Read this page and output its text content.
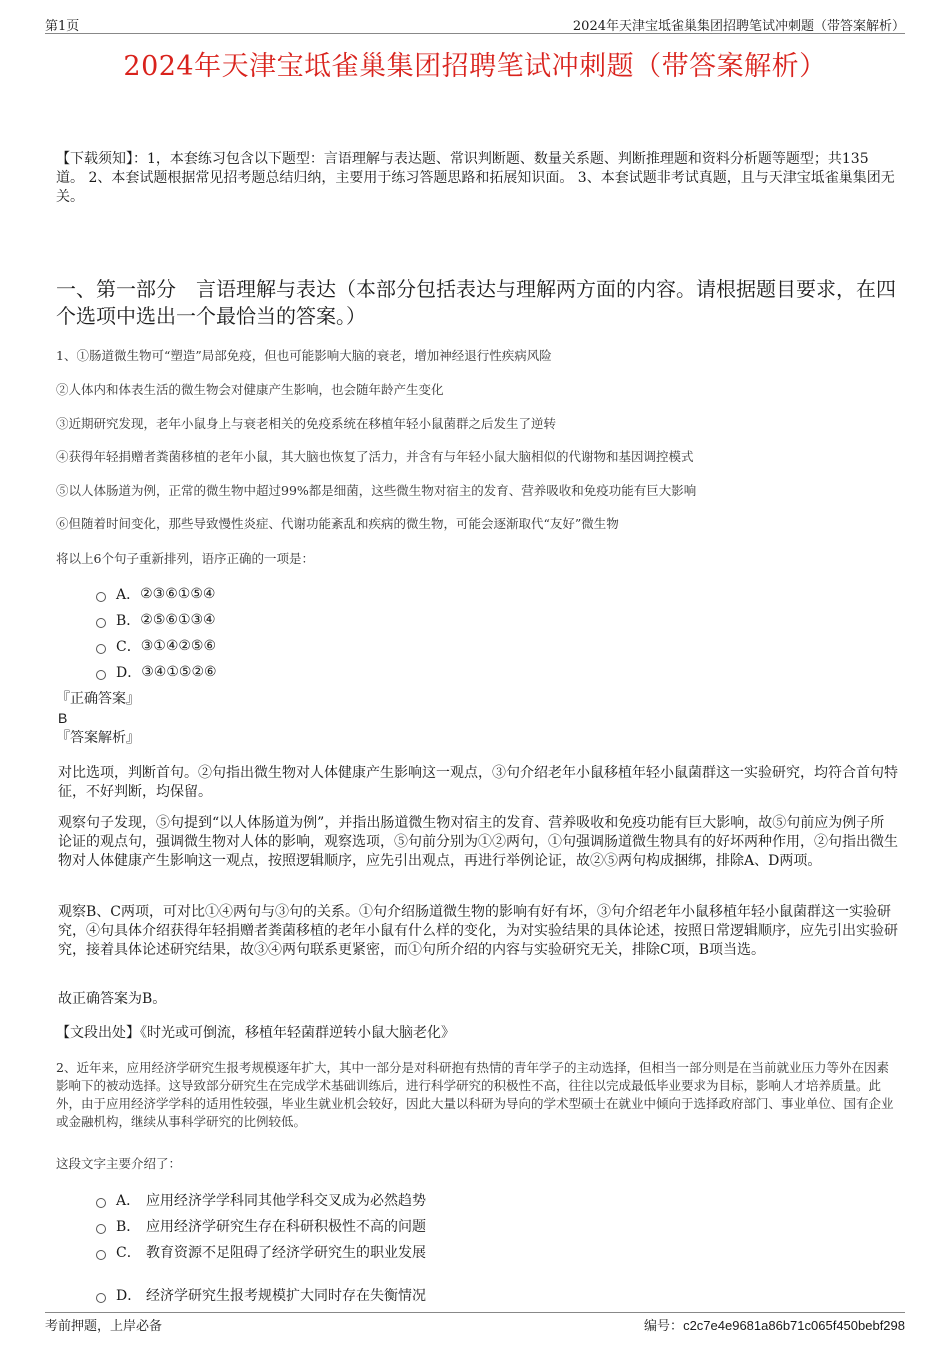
第1页	2024年天津宝坻雀巢集团招聘笔试冲刺题（带答案解析）
2024年天津宝坻雀巢集团招聘笔试冲刺题（带答案解析）
【下载须知】：1，本套练习包含以下题型：言语理解与表达题、常识判断题、数量关系题、判断推理题和资料分析题等题型；共135道。 2、本套试题根据常见招考题总结归纳，主要用于练习答题思路和拓展知识面。 3、本套试题非考试真题，且与天津宝坻雀巢集团无关。
一、第一部分　言语理解与表达（本部分包括表达与理解两方面的内容。请根据题目要求，在四个选项中选出一个最恰当的答案。）
1、①肠道微生物可“塑造”局部免疫，但也可能影响大脑的衰老，增加神经退行性疾病风险
②人体内和体表生活的微生物会对健康产生影响，也会随年龄产生变化
③近期研究发现，老年小鼠身上与衰老相关的免疫系统在移植年轻小鼠菌群之后发生了逆转
④获得年轻捐赠者粪菌移植的老年小鼠，其大脑也恢复了活力，并含有与年轻小鼠大脑相似的代谢物和基因调控模式
⑤以人体肠道为例，正常的微生物中超过99%都是细菌，这些微生物对宿主的发育、营养吸收和免疫功能有巨大影响
⑥但随着时间变化，那些导致慢性炎症、代谢功能紊乱和疾病的微生物，可能会逐渐取代“友好”微生物
将以上6个句子重新排列，语序正确的一项是：
A． ②③⑥①⑤④
B． ②⑤⑥①③④
C． ③①④②⑤⑥
D． ③④①⑤②⑥
『正确答案』
B
『答案解析』
对比选项，判断首句。②句指出微生物对人体健康产生影响这一观点，③句介绍老年小鼠移植年轻小鼠菌群这一实验研究，均符合首句特征，不好判断，均保留。
观察句子发现，⑤句提到“以人体肠道为例”，并指出肠道微生物对宿主的发育、营养吸收和免疫功能有巨大影响，故⑤句前应为例子所论证的观点句，强调微生物对人体的影响，观察选项，⑤句前分别为①②两句，①句强调肠道微生物具有的好坏两种作用，②句指出微生物对人体健康产生影响这一观点，按照逻辑顺序，应先引出观点，再进行举例论证，故②⑤两句构成捆绑，排除A、D两项。
观察B、C两项，可对比①④两句与③句的关系。①句介绍肠道微生物的影响有好有坏，③句介绍老年小鼠移植年轻小鼠菌群这一实验研究，④句具体介绍获得年轻捐赠者粪菌移植的老年小鼠有什么样的变化，为对实验结果的具体论述，按照日常逻辑顺序，应先引出实验研究，接着具体论述研究结果，故③④两句联系更紧密，而①句所介绍的内容与实验研究无关，排除C项，B项当选。
故正确答案为B。
【文段出处】《时光或可倒流，移植年轻菌群逆转小鼠大脑老化》
2、近年来，应用经济学研究生报考规模逐年扩大，其中一部分是对科研抱有热情的青年学子的主动选择，但相当一部分则是在当前就业压力等外在因素影响下的被动选择。这导致部分研究生在完成学术基础训练后，进行科学研究的积极性不高，往往以完成最低毕业要求为目标，影响人才培养质量。此外，由于应用经济学学科的适用性较强，毕业生就业机会较好，因此大量以科研为导向的学术型硕士在就业中倾向于选择政府部门、事业单位、国有企业或金融机构，继续从事科学研究的比例较低。
这段文字主要介绍了：
A． 应用经济学学科同其他学科交叉成为必然趋势
B． 应用经济学研究生存在科研积极性不高的问题
C． 教育资源不足阻碍了经济学研究生的职业发展
D． 经济学研究生报考规模扩大同时存在失衡情况
考前押题，上岸必备	编号：c2c7e4e9681a86b71c065f450bebf298
